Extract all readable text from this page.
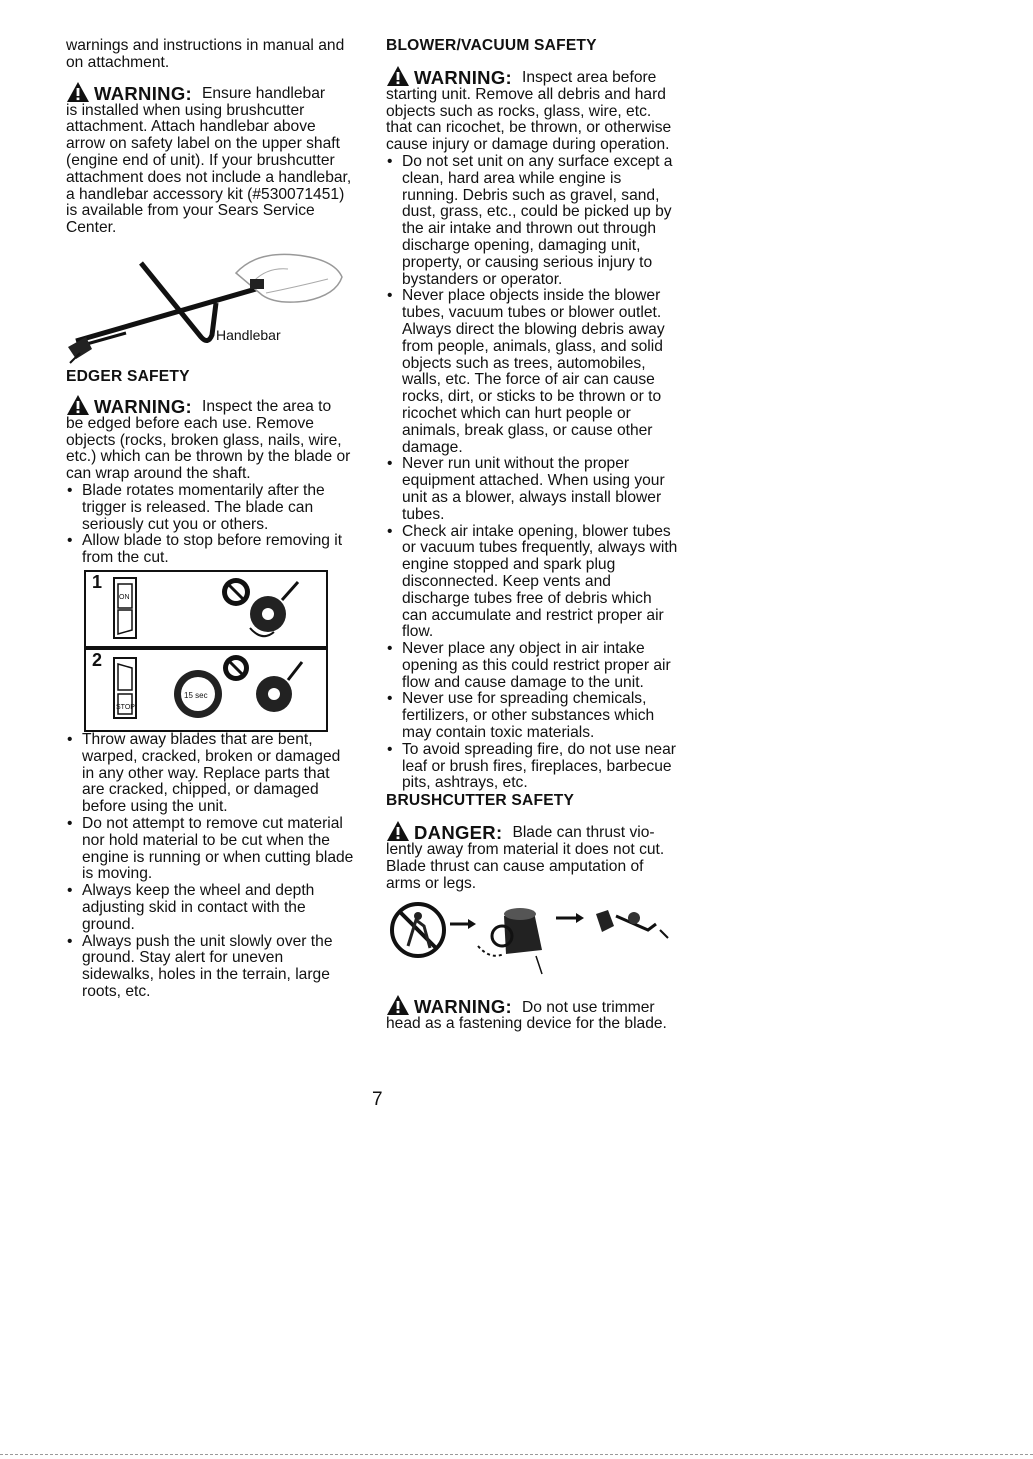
warnings and instructions in manual and on attachment.

WARNING: Ensure handlebar

is installed when using brushcutter attachment. Attach handlebar above arrow on safety label on the upper shaft (engine end of unit). If your brushcutter attachment does not include a handlebar, a handlebar accessory kit (#530071451) is available from your Sears Service Center.

Handlebar

EDGER SAFETY

WARNING: Inspect the area to

be edged before each use. Remove objects (rocks, broken glass, nails, wire, etc.) which can be thrown by the blade or can wrap around the shaft.

• Blade rotates momentarily after the trigger is released. The blade can seriously cut you or others.
• Allow blade to stop before removing it from the cut.
1
ON
2
STOP
15 sec
• Throw away blades that are bent, warped, cracked, broken or damaged in any other way. Replace parts that are cracked, chipped, or damaged before using the unit.
• Do not attempt to remove cut material nor hold material to be cut when the engine is running or when cutting blade is moving.
• Always keep the wheel and depth adjusting skid in contact with the ground.
• Always push the unit slowly over the ground. Stay alert for uneven sidewalks, holes in the terrain, large roots, etc.

BLOWER/VACUUM SAFETY

WARNING: Inspect area before

starting unit. Remove all debris and hard objects such as rocks, glass, wire, etc. that can ricochet, be thrown, or otherwise cause injury or damage during operation.

• Do not set unit on any surface except a clean, hard area while engine is running. Debris such as gravel, sand, dust, grass, etc., could be picked up by the air intake and thrown out through discharge opening, damaging unit, property, or causing serious injury to bystanders or operator.
• Never place objects inside the blower tubes, vacuum tubes or blower outlet. Always direct the blowing debris away from people, animals, glass, and solid objects such as trees, automobiles, walls, etc. The force of air can cause rocks, dirt, or sticks to be thrown or to ricochet which can hurt people or animals, break glass, or cause other damage.
• Never run unit without the proper equipment attached. When using your unit as a blower, always install blower tubes.
• Check air intake opening, blower tubes or vacuum tubes frequently, always with engine stopped and spark plug disconnected. Keep vents and discharge tubes free of debris which can accumulate and restrict proper air flow.
• Never place any object in air intake opening as this could restrict proper air flow and cause damage to the unit.
• Never use for spreading chemicals, fertilizers, or other substances which may contain toxic materials.
• To avoid spreading fire, do not use near leaf or brush fires, fireplaces, barbecue pits, ashtrays, etc.

BRUSHCUTTER SAFETY

DANGER: Blade can thrust vio-

lently away from material it does not cut. Blade thrust can cause amputation of arms or legs.

WARNING: Do not use trimmer

head as a fastening device for the blade.

7
